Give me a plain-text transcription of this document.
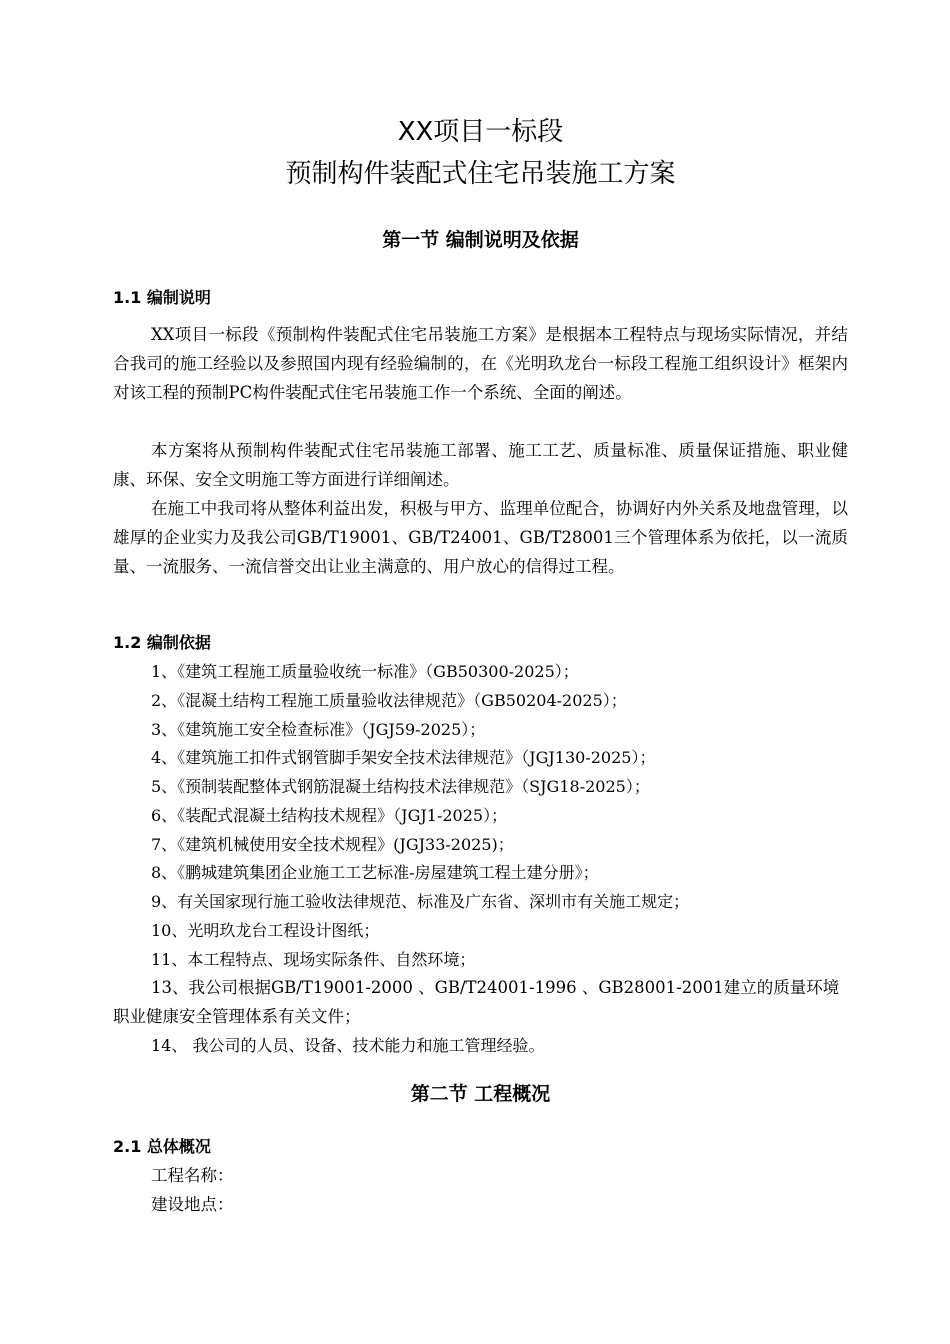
XX项目一标段
预制构件装配式住宅吊装施工方案
第一节 编制说明及依据
1.1 编制说明

XX项目一标段《预制构件装配式住宅吊装施工方案》是根据本工程特点与现场实际情况，并结合我司的施工经验以及参照国内现有经验编制的，在《光明玖龙台一标段工程施工组织设计》框架内对该工程的预制PC构件装配式住宅吊装施工作一个系统、全面的阐述。

本方案将从预制构件装配式住宅吊装施工部署、施工工艺、质量标准、质量保证措施、职业健康、环保、安全文明施工等方面进行详细阐述。

在施工中我司将从整体利益出发，积极与甲方、监理单位配合，协调好内外关系及地盘管理，以雄厚的企业实力及我公司GB/T19001、GB/T24001、GB/T28001三个管理体系为依托，以一流质量、一流服务、一流信誉交出让业主满意的、用户放心的信得过工程。

1.2 编制依据
1、《建筑工程施工质量验收统一标准》（GB50300-2025）；
2、《混凝土结构工程施工质量验收法律规范》（GB50204-2025）；
3、《建筑施工安全检查标准》（JGJ59-2025）；
4、《建筑施工扣件式钢管脚手架安全技术法律规范》（JGJ130-2025）；
5、《预制装配整体式钢筋混凝土结构技术法律规范》（SJG18-2025）；
6、《装配式混凝土结构技术规程》（JGJ1-2025）；
7、《建筑机械使用安全技术规程》(JGJ33-2025)；
8、《鹏城建筑集团企业施工工艺标准-房屋建筑工程土建分册》；
9、有关国家现行施工验收法律规范、标准及广东省、深圳市有关施工规定；
10、光明玖龙台工程设计图纸；
11、本工程特点、现场实际条件、自然环境；

13、我公司根据GB/T19001-2000 、GB/T24001-1996 、GB28001-2001建立的质量环境职业健康安全管理体系有关文件；

14、 我公司的人员、设备、技术能力和施工管理经验。
第二节 工程概况
2.1 总体概况
工程名称：
建设地点：
